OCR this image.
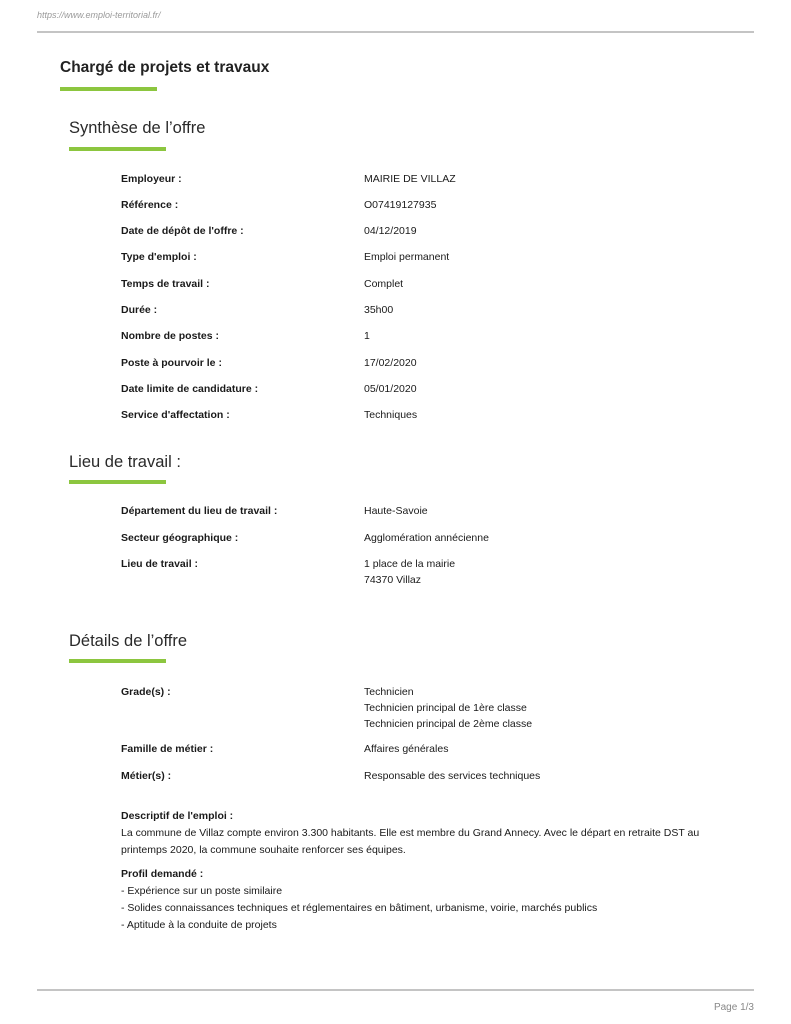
https://www.emploi-territorial.fr/
Chargé de projets et travaux
Synthèse de l’offre
Employeur :	MAIRIE DE VILLAZ
Référence :	O07419127935
Date de dépôt de l'offre :	04/12/2019
Type d'emploi :	Emploi permanent
Temps de travail :	Complet
Durée :	35h00
Nombre de postes :	1
Poste à pourvoir le :	17/02/2020
Date limite de candidature :	05/01/2020
Service d'affectation :	Techniques
Lieu de travail :
Département du lieu de travail :	Haute-Savoie
Secteur géographique :	Agglomération annécienne
Lieu de travail :	1 place de la mairie
74370 Villaz
Détails de l’offre
Grade(s) :	Technicien
Technicien principal de 1ère classe
Technicien principal de 2ème classe
Famille de métier :	Affaires générales
Métier(s) :	Responsable des services techniques
Descriptif de l'emploi :
La commune de Villaz compte environ 3.300 habitants. Elle est membre du Grand Annecy. Avec le départ en retraite DST au
printemps 2020, la commune souhaite renforcer ses équipes.
Profil demandé :
- Expérience sur un poste similaire
- Solides connaissances techniques et réglementaires en bâtiment, urbanisme, voirie, marchés publics
- Aptitude à la conduite de projets
Page 1/3
